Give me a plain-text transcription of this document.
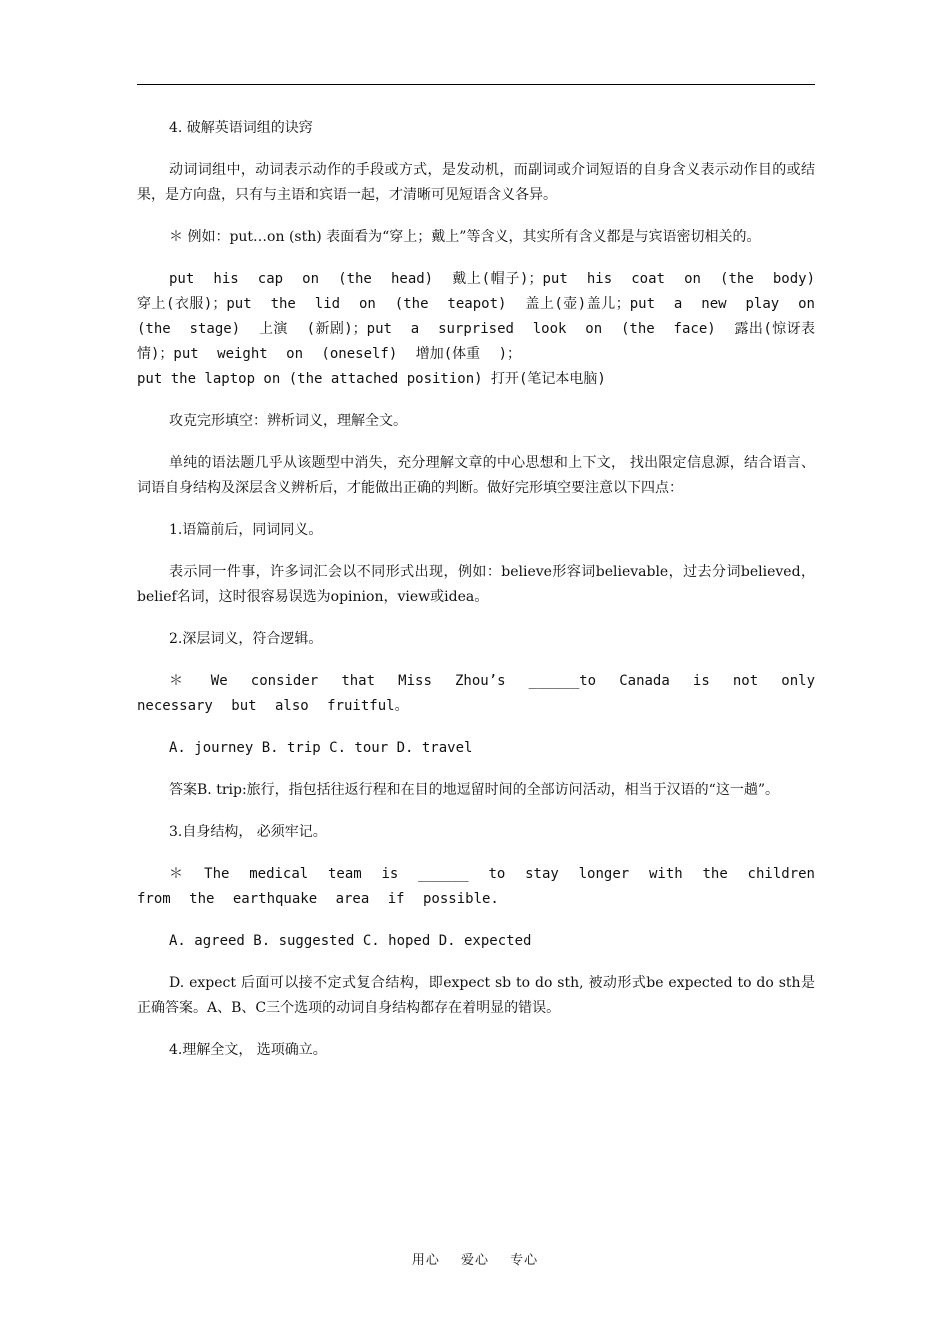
4. 破解英语词组的诀窍

动词词组中，动词表示动作的手段或方式，是发动机，而副词或介词短语的自身含义表示动作目的或结果，是方向盘，只有与主语和宾语一起，才清晰可见短语含义各异。

＊ 例如：put…on (sth) 表面看为“穿上；戴上”等含义，其实所有含义都是与宾语密切相关的。

put his cap on (the head) 戴上(帽子)；put his coat on (the body) 穿上(衣服)；put the lid on (the teapot) 盖上(壶)盖儿；put a new play on (the stage) 上演 (新剧)；put a surprised look on (the face) 露出(惊讶表情)；put weight on (oneself) 增加(体重 )；

put the laptop on (the attached position) 打开(笔记本电脑)

攻克完形填空：辨析词义，理解全文。

单纯的语法题几乎从该题型中消失，充分理解文章的中心思想和上下文， 找出限定信息源，结合语言、词语自身结构及深层含义辨析后，才能做出正确的判断。做好完形填空要注意以下四点：

1.语篇前后，同词同义。

表示同一件事，许多词汇会以不同形式出现，例如：believe形容词believable，过去分词believed，belief名词，这时很容易误选为opinion，view或idea。

2.深层词义，符合逻辑。

＊ We consider that Miss Zhou’s ______to Canada is not only necessary but also fruitful。

A. journey B. trip C. tour D. travel

答案B. trip:旅行，指包括往返行程和在目的地逗留时间的全部访问活动，相当于汉语的“这一趟”。

3.自身结构， 必须牢记。

＊ The medical team is ______ to stay longer with the children from the earthquake area if possible.

A. agreed B. suggested C. hoped D. expected

D. expect 后面可以接不定式复合结构，即expect sb to do sth, 被动形式be expected to do sth是正确答案。A、B、C三个选项的动词自身结构都存在着明显的错误。

4.理解全文， 选项确立。

用心 爱心 专心
